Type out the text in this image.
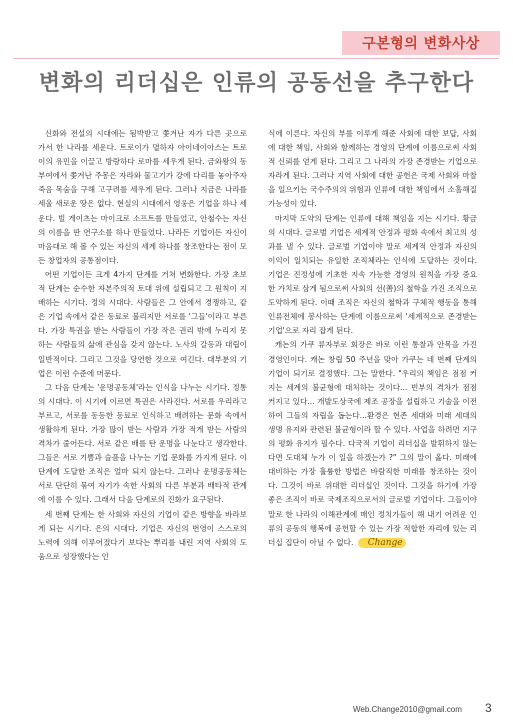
구본형의 변화사상
변화의 리더십은 인류의 공동선을 추구한다

신화와 전설의 시대에는 됨박받고 쫓겨난 자가 다른 곳으로 가서 한 나라를 세운다. 트로이가 멸하자 아이네이아스는 트로이의 유민을 이끌고 방랑하다 로마를 세우게 된다. 금와왕의 동부여에서 쫓겨난 주몽은 자라와 물고기가 강에 다리를 놓아주자 죽음 목숨을 구해 고구려를 세우게 된다. 그러나 지금은 나라를 세울 새로운 땅은 없다. 현실의 시대에서 영웅은 기업을 하나 세운다. 빌 게이츠는 마이크로 소프트를 만들었고, 안철수는 자신의 이름을 딴 연구소를 하나 만들었다. 나라든 기업이든 자신이 마음대로 해 볼 수 있는 자신의 세계 하나를 창조한다는 점이 모든 창업자의 공통점이다.

어떤 기업이든 크게 4가지 단계를 거쳐 변화한다. 가장 초보적 단계는 순수한 자본주의적 토대 위에 설립되고 그 원칙이 지배하는 시기다. 정의 시대다. 사람들은 그 안에서 경쟁하고, 같은 기업 속에서 같은 동료로 불리지만 서로를 '그들'이라고 부른다. 가장 특권을 받는 사람들이 가장 작은 권리 밖에 누리지 못하는 사람들의 삶에 관심을 갖지 않는다. 노사의 갈등과 대립이 일반적이다. 그리고 그것을 당연한 것으로 여긴다. 대부분의 기업은 이런 수준에 머문다.

그 다음 단계는 '운명공동체'라는 인식을 나누는 시기다. 정통의 시대다. 이 시기에 이르면 특권은 사라진다. 서로를 우리라고 부르고, 서로를 동등한 동료로 인식하고 배려하는 문화 속에서 생활하게 된다. 가장 많이 받는 사람과 가장 적게 받는 사람의 격차가 줄어든다. 서로 같은 배를 탄 운명을 나눈다고 생각한다. 그들은 서로 기쁨과 슬픔을 나누는 기업 문화를 가지게 된다. 이 단계에 도달한 조직은 얼마 되지 않는다. 그러나 운명공동체는 서로 단단히 묶여 자기가 속한 사회의 다른 부분과 배타적 관계에 이를 수 있다. 그래서 다음 단계로의 진화가 요구된다.

세 번째 단계는 한 사회와 자신의 기업이 같은 방향을 바라보게 되는 시기다. 은의 시대다. 기업은 자신의 번영이 스스로의 노력에 의해 이루어졌다기 보다는 뿌리를 내린 지역 사회의 도움으로 성장했다는 인

식에 이른다. 자신의 부를 이루게 해준 사회에 대한 보답, 사회에 대한 책임, 사회와 함께하는 경영의 단계에 이름으로써 사회적 신뢰를 얻게 된다. 그리고 그 나라의 가장 존경받는 기업으로 자라게 된다. 그러나 지역 사회에 대한 공헌은 국제 사회와 마찰을 일으키는 국수주의의 위험과 인류에 대한 책임에서 소홀해질 가능성이 있다.

마지막 도약의 단계는 인류에 대해 책임을 지는 시기다. 황금의 시대다. 글로벌 기업은 세계적 안정과 평화 속에서 최고의 성과를 낼 수 있다. 글로벌 기업이야 말로 세계적 안정과 자신의 이익이 일치되는 유일한 조직체라는 인식에 도달하는 것이다. 기업은 진정성에 기초한 지속 가능한 경영의 원칙을 가장 중요한 가치로 삼게 됨으로써 사회의 선(善)의 철학을 가진 조직으로 도약하게 된다. 이때 조직은 자신의 철학과 구체적 행동을 통해 인류전체에 봉사하는 단계에 이름으로써 '세계적으로 존경받는 기업'으로 자리 잡게 된다.

캐논의 가쿠 류자부로 회장은 바로 이런 통찰과 안목을 가진 경영인이다. 캐논 창립 50 주년을 맞아 가쿠는 네 번째 단계의 기업이 되기로 결정했다. 그는 말한다. "우리의 책임은 점점 커지는 세계의 불균형에 대처하는 것이다... 빈부의 격차가 점점 커지고 있다... 개발도상국에 제조 공장을 설립하고 기술을 이전하여 그들의 자립을 돕는다...환경은 현존 세대와 미래 세대의 생명 유지와 관련된 불균형이라 할 수 있다. 사업을 하려면 지구의 평화 유지가 필수다. 다국적 기업이 리더십을 발휘하지 않는다면 도대체 누가 이 일을 하겠는가 ?" 그의 말이 옳다. 미래에 대비하는 가장 훌륭한 방법은 바람직한 미래를 창조하는 것이다. 그것이 바로 위대한 리더십인 것이다. 그것을 하기에 가장 좋은 조직이 바로 국제조직으로서의 글로벌 기업이다. 그들이야 말로 한 나라의 이해관계에 매인 정치가들이 해 내기 어려운 인류의 공동의 행복에 공헌할 수 있는 가장 적합한 자리에 있는 리더십 집단이 아닐 수 없다. Change

Web.Change2010@gmail.com 3
